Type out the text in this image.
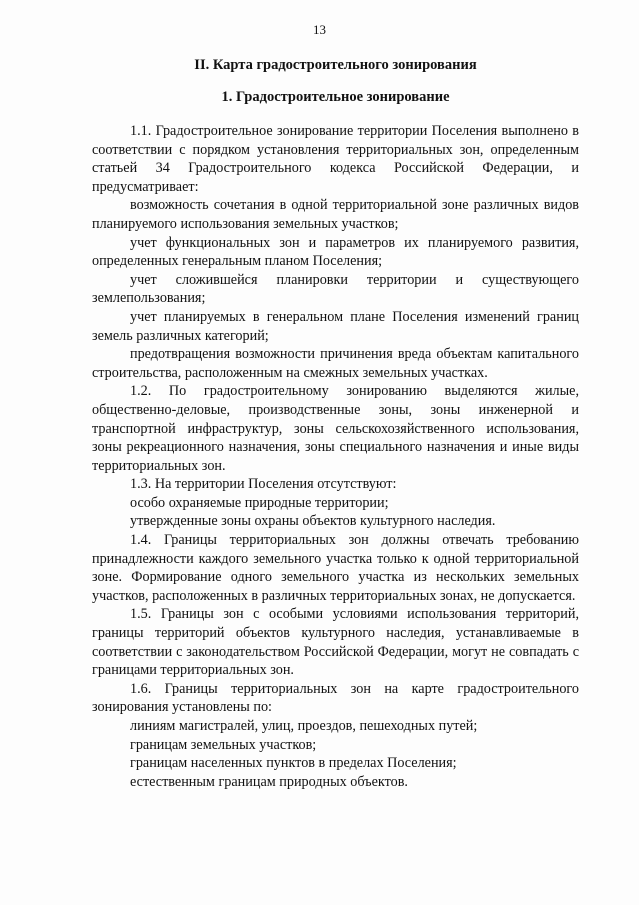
13
II. Карта градостроительного зонирования
1. Градостроительное зонирование

1.1. Градостроительное зонирование территории Поселения выполнено в соответствии с порядком установления территориальных зон, определенным статьей 34 Градостроительного кодекса Российской Федерации, и предусматривает:

возможность сочетания в одной территориальной зоне различных видов планируемого использования земельных участков;

учет функциональных зон и параметров их планируемого развития, определенных генеральным планом Поселения;

учет сложившейся планировки территории и существующего землепользования;

учет планируемых в генеральном плане Поселения изменений границ земель различных категорий;

предотвращения возможности причинения вреда объектам капитального строительства, расположенным на смежных земельных участках.

1.2. По градостроительному зонированию выделяются жилые, общественно-деловые, производственные зоны, зоны инженерной и транспортной инфраструктур, зоны сельскохозяйственного использования, зоны рекреационного назначения, зоны специального назначения и иные виды территориальных зон.

1.3. На территории Поселения отсутствуют:

особо охраняемые природные территории;

утвержденные зоны охраны объектов культурного наследия.

1.4. Границы территориальных зон должны отвечать требованию принадлежности каждого земельного участка только к одной территориальной зоне. Формирование одного земельного участка из нескольких земельных участков, расположенных в различных территориальных зонах, не допускается.

1.5. Границы зон с особыми условиями использования территорий, границы территорий объектов культурного наследия, устанавливаемые в соответствии с законодательством Российской Федерации, могут не совпадать с границами территориальных зон.

1.6. Границы территориальных зон на карте градостроительного зонирования установлены по:

линиям магистралей, улиц, проездов, пешеходных путей;

границам земельных участков;

границам населенных пунктов в пределах Поселения;

естественным границам природных объектов.
